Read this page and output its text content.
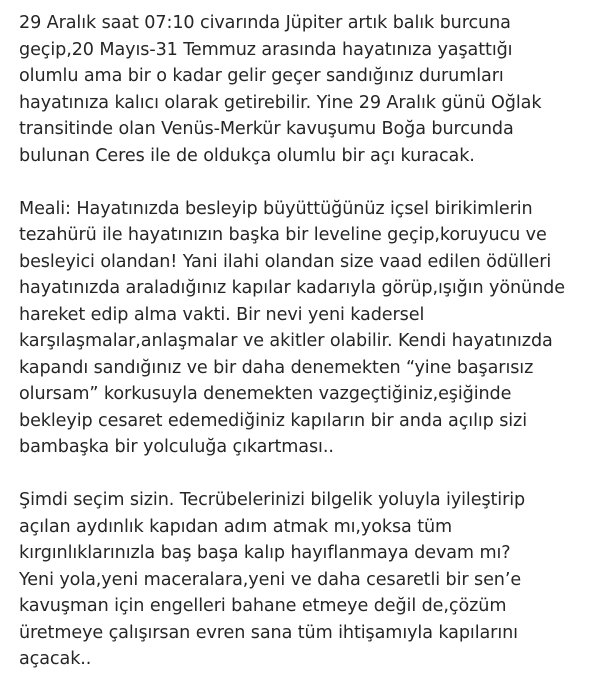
29 Aralık saat 07:10 civarında Jüpiter artık balık burcuna
geçip,20 Mayıs-31 Temmuz arasında hayatınıza yaşattığı
olumlu ama bir o kadar gelir geçer sandığınız durumları
hayatınıza kalıcı olarak getirebilir. Yine 29 Aralık günü Oğlak
transitinde olan Venüs-Merkür kavuşumu Boğa burcunda
bulunan Ceres ile de oldukça olumlu bir açı kuracak.
Meali: Hayatınızda besleyip büyüttüğünüz içsel birikimlerin
tezahürü ile hayatınızın başka bir leveline geçip,koruyucu ve
besleyici olandan! Yani ilahi olandan size vaad edilen ödülleri
hayatınızda araladığınız kapılar kadarıyla görüp,ışığın yönünde
hareket edip alma vakti. Bir nevi yeni kadersel
karşılaşmalar,anlaşmalar ve akitler olabilir. Kendi hayatınızda
kapandı sandığınız ve bir daha denemekten “yine başarısız
olursam” korkusuyla denemekten vazgeçtiğiniz,eşiğinde
bekleyip cesaret edemediğiniz kapıların bir anda açılıp sizi
bambaşka bir yolculuğa çıkartması..
Şimdi seçim sizin. Tecrübelerinizi bilgelik yoluyla iyileştirip
açılan aydınlık kapıdan adım atmak mı,yoksa tüm
kırgınlıklarınızla baş başa kalıp hayıflanmaya devam mı?
Yeni yola,yeni maceralara,yeni ve daha cesaretli bir sen’e
kavuşman için engelleri bahane etmeye değil de,çözüm
üretmeye çalışırsan evren sana tüm ihtişamıyla kapılarını
açacak..
